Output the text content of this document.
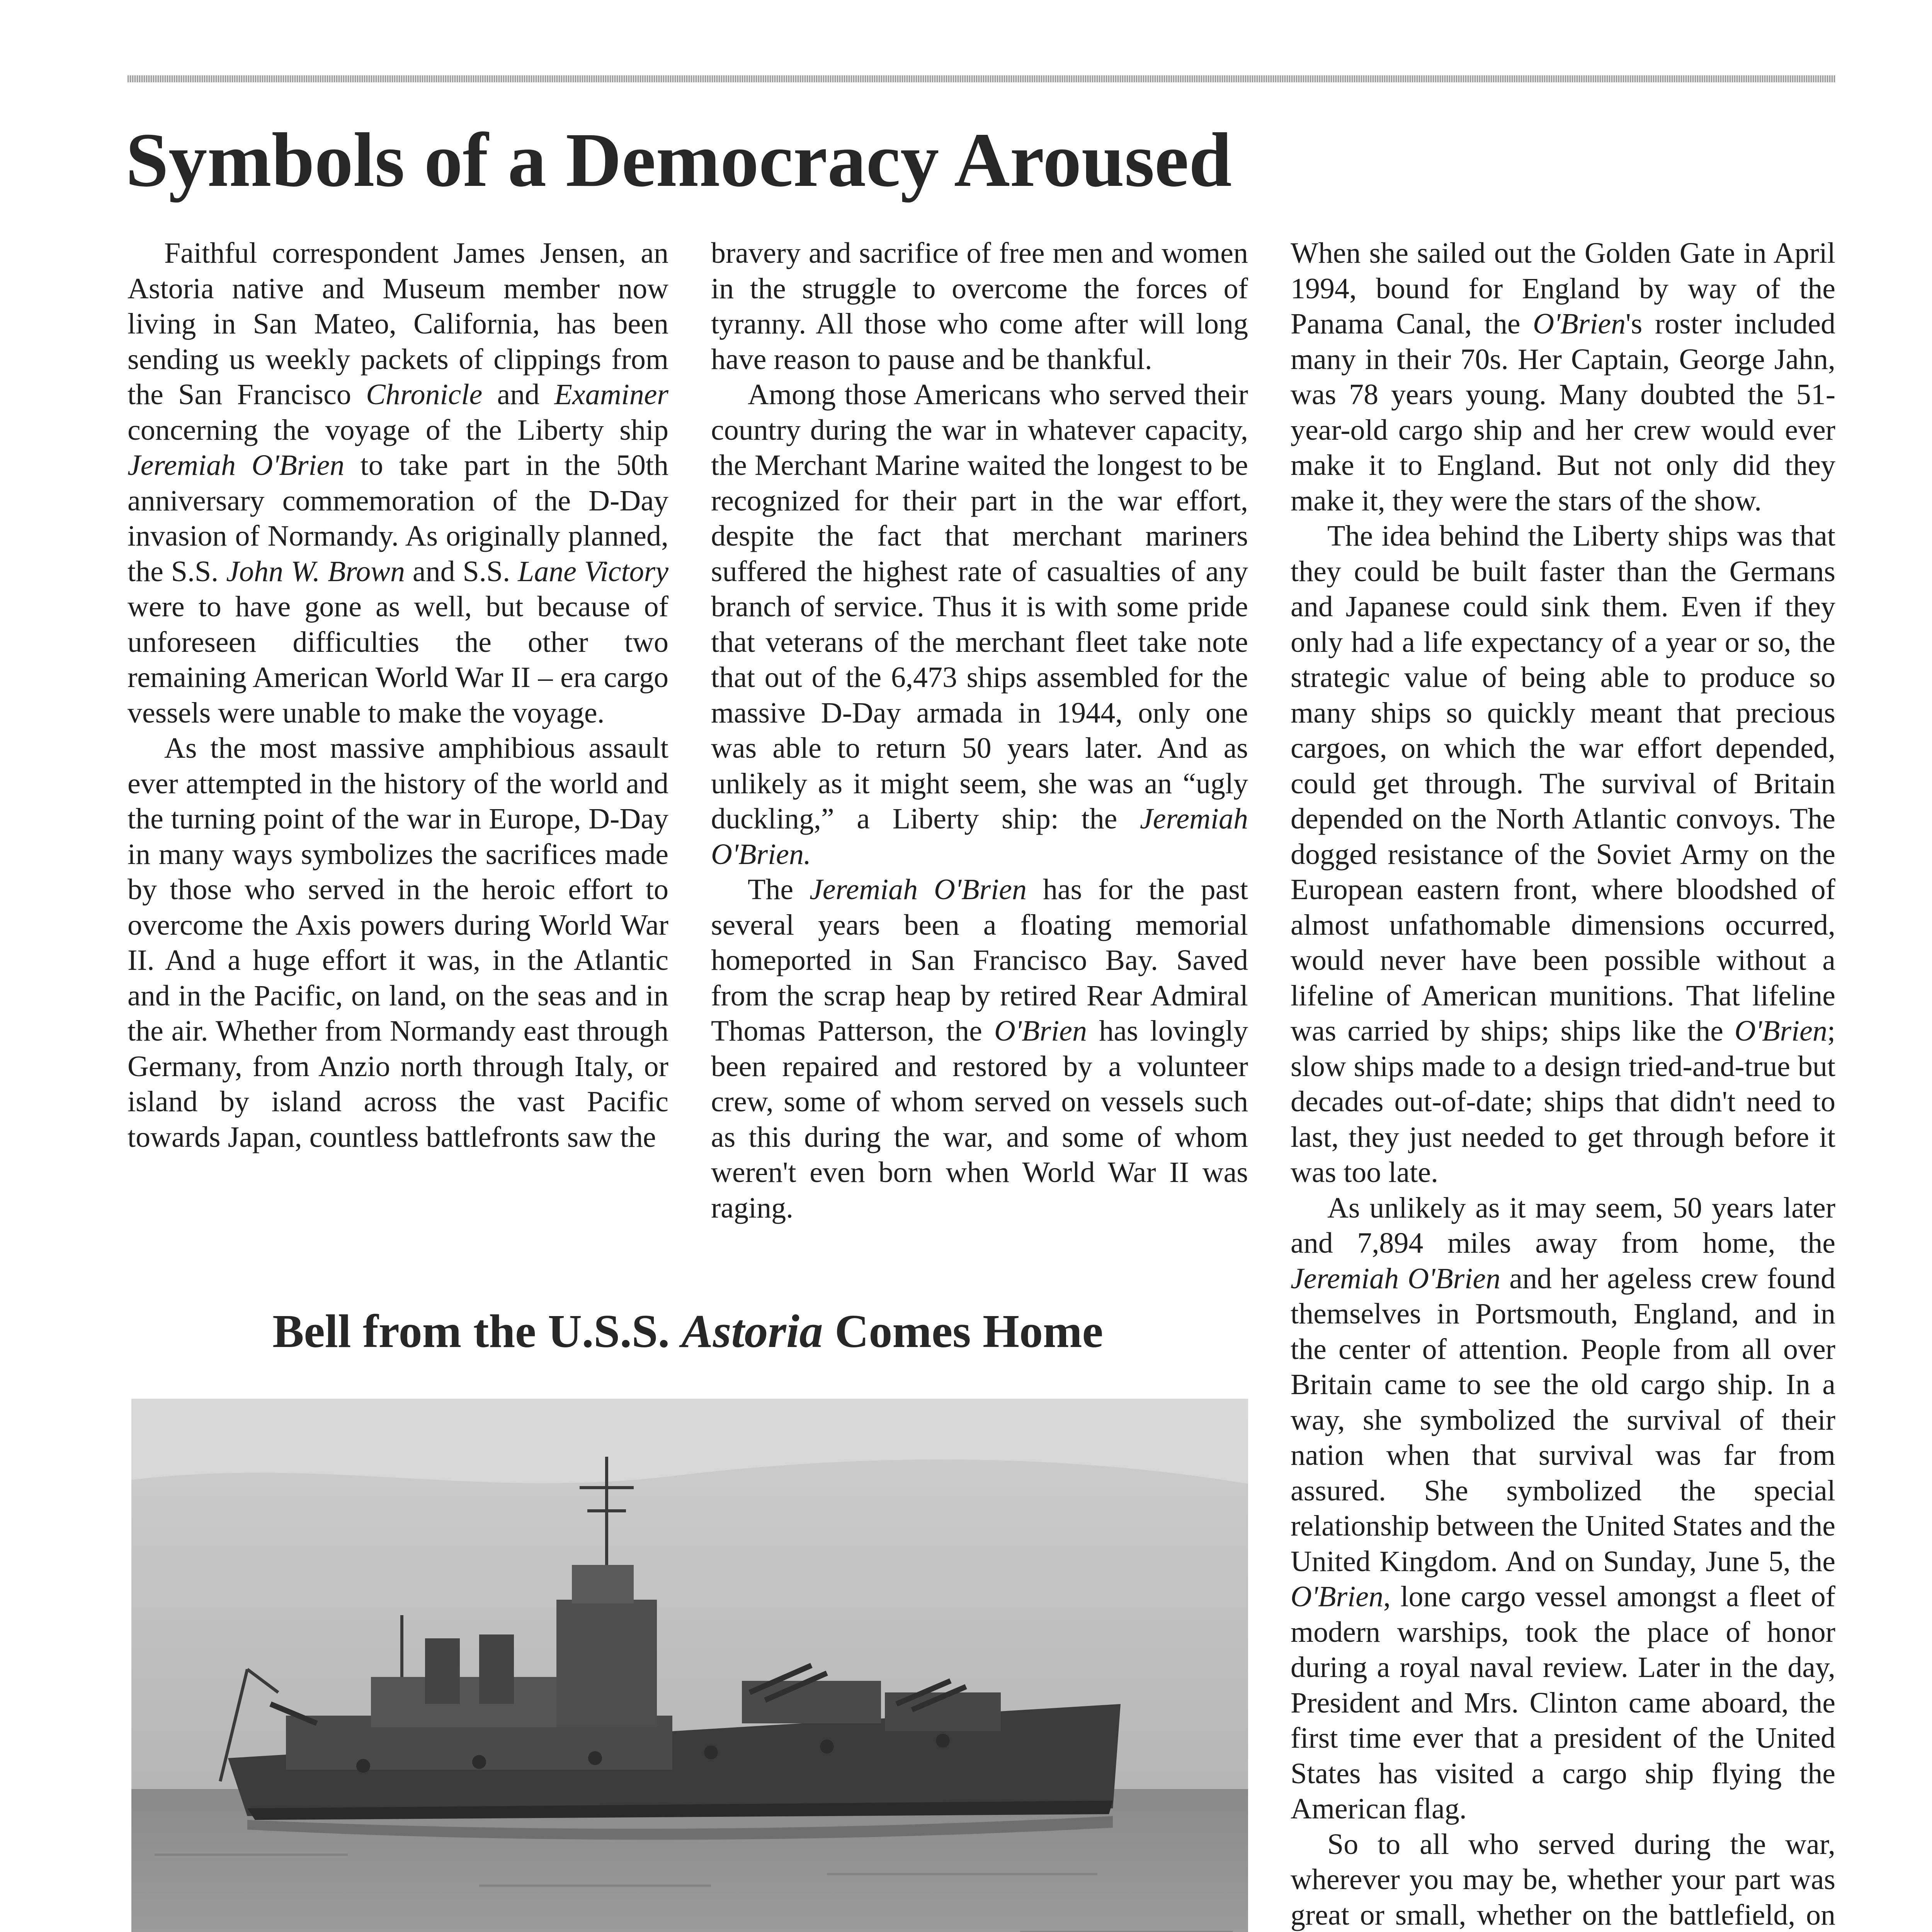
Symbols of a Democracy Aroused

Faithful correspondent James Jensen, an Astoria native and Museum member now living in San Mateo, California, has been sending us weekly packets of clippings from the San Francisco Chronicle and Examiner concerning the voyage of the Liberty ship Jeremiah O'Brien to take part in the 50th anniversary commemoration of the D-Day invasion of Normandy. As originally planned, the S.S. John W. Brown and S.S. Lane Victory were to have gone as well, but because of unforeseen difficulties the other two remaining American World War II – era cargo vessels were unable to make the voyage.

As the most massive amphibious assault ever attempted in the history of the world and the turning point of the war in Europe, D-Day in many ways symbolizes the sacrifices made by those who served in the heroic effort to overcome the Axis powers during World War II. And a huge effort it was, in the Atlantic and in the Pacific, on land, on the seas and in the air. Whether from Normandy east through Germany, from Anzio north through Italy, or island by island across the vast Pacific towards Japan, countless battlefronts saw the

bravery and sacrifice of free men and women in the struggle to overcome the forces of tyranny. All those who come after will long have reason to pause and be thankful.

Among those Americans who served their country during the war in whatever capacity, the Merchant Marine waited the longest to be recognized for their part in the war effort, despite the fact that merchant mariners suffered the highest rate of casualties of any branch of service. Thus it is with some pride that veterans of the merchant fleet take note that out of the 6,473 ships assembled for the massive D-Day armada in 1944, only one was able to return 50 years later. And as unlikely as it might seem, she was an “ugly duckling,” a Liberty ship: the Jeremiah O'Brien.

The Jeremiah O'Brien has for the past several years been a floating memorial homeported in San Francisco Bay. Saved from the scrap heap by retired Rear Admiral Thomas Patterson, the O'Brien has lovingly been repaired and restored by a volunteer crew, some of whom served on vessels such as this during the war, and some of whom weren't even born when World War II was raging.

When she sailed out the Golden Gate in April 1994, bound for England by way of the Panama Canal, the O'Brien's roster included many in their 70s. Her Captain, George Jahn, was 78 years young. Many doubted the 51-year-old cargo ship and her crew would ever make it to England. But not only did they make it, they were the stars of the show.

The idea behind the Liberty ships was that they could be built faster than the Germans and Japanese could sink them. Even if they only had a life expectancy of a year or so, the strategic value of being able to produce so many ships so quickly meant that precious cargoes, on which the war effort depended, could get through. The survival of Britain depended on the North Atlantic convoys. The dogged resistance of the Soviet Army on the European eastern front, where bloodshed of almost unfathomable dimensions occurred, would never have been possible without a lifeline of American munitions. That lifeline was carried by ships; ships like the O'Brien; slow ships made to a design tried-and-true but decades out-of-date; ships that didn't need to last, they just needed to get through before it was too late.

As unlikely as it may seem, 50 years later and 7,894 miles away from home, the Jeremiah O'Brien and her ageless crew found themselves in Portsmouth, England, and in the center of attention. People from all over Britain came to see the old cargo ship. In a way, she symbolized the survival of their nation when that survival was far from assured. She symbolized the special relationship between the United States and the United Kingdom. And on Sunday, June 5, the O'Brien, lone cargo vessel amongst a fleet of modern warships, took the place of honor during a royal naval review. Later in the day, President and Mrs. Clinton came aboard, the first time ever that a president of the United States has visited a cargo ship flying the American flag.

So to all who served during the war, wherever you may be, whether your part was great or small, whether on the battlefield, on

Bell from the U.S.S. Astoria Comes Home
